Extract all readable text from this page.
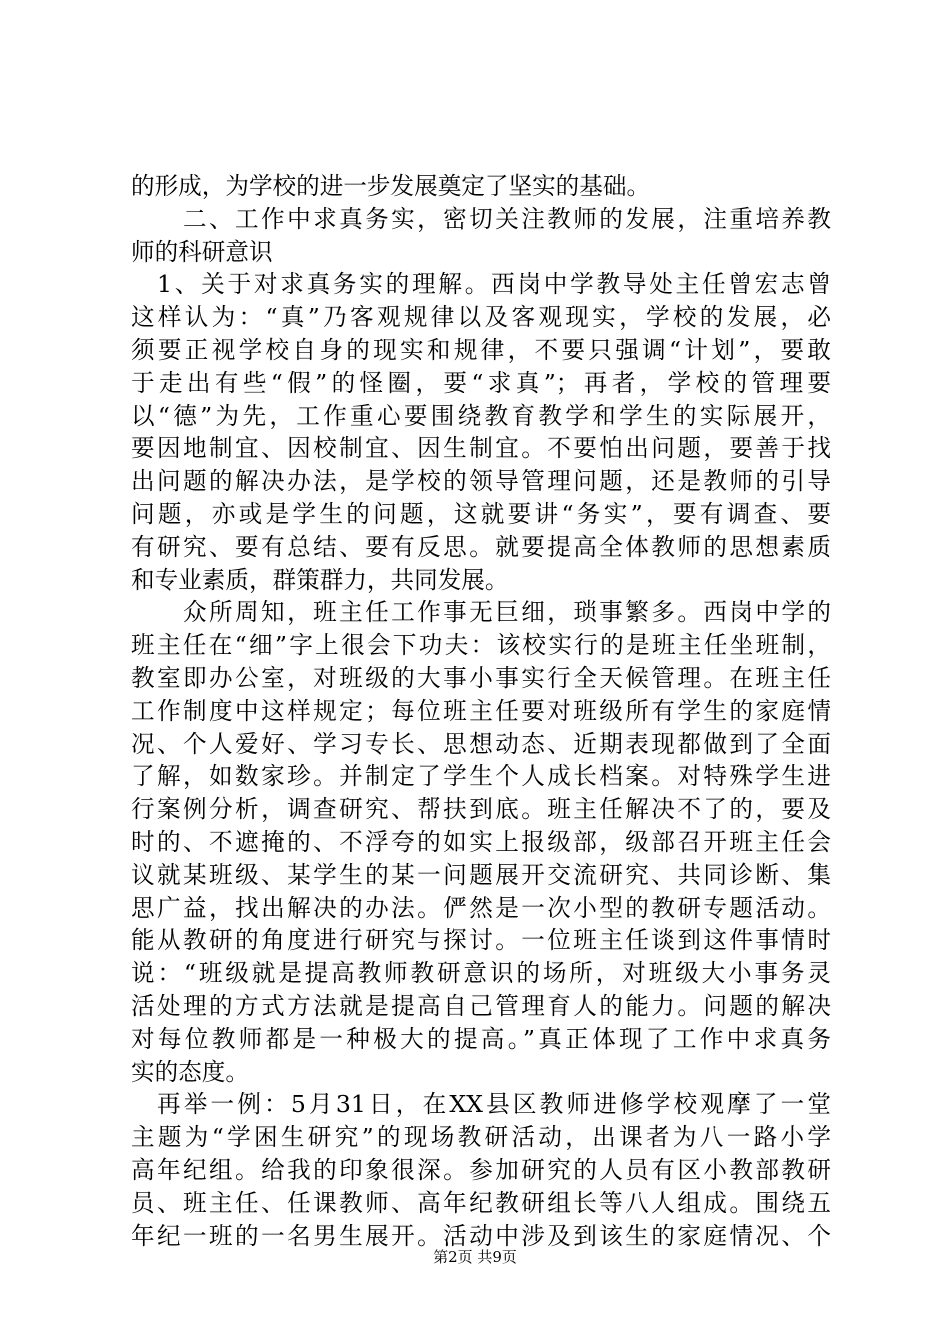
的形成，为学校的进一步发展奠定了坚实的基础。
二、工作中求真务实，密切关注教师的发展，注重培养教
师的科研意识
1、关于对求真务实的理解。西岗中学教导处主任曾宏志曾
这样认为：“真”乃客观规律以及客观现实，学校的发展，必
须要正视学校自身的现实和规律，不要只强调“计划”，要敢
于走出有些“假”的怪圈，要“求真”；再者，学校的管理要
以“德”为先，工作重心要围绕教育教学和学生的实际展开，
要因地制宜、因校制宜、因生制宜。不要怕出问题，要善于找
出问题的解决办法，是学校的领导管理问题，还是教师的引导
问题，亦或是学生的问题，这就要讲“务实”，要有调查、要
有研究、要有总结、要有反思。就要提高全体教师的思想素质
和专业素质，群策群力，共同发展。
众所周知，班主任工作事无巨细，琐事繁多。西岗中学的
班主任在“细”字上很会下功夫：该校实行的是班主任坐班制，
教室即办公室，对班级的大事小事实行全天候管理。在班主任
工作制度中这样规定；每位班主任要对班级所有学生的家庭情
况、个人爱好、学习专长、思想动态、近期表现都做到了全面
了解，如数家珍。并制定了学生个人成长档案。对特殊学生进
行案例分析，调查研究、帮扶到底。班主任解决不了的，要及
时的、不遮掩的、不浮夸的如实上报级部，级部召开班主任会
议就某班级、某学生的某一问题展开交流研究、共同诊断、集
思广益，找出解决的办法。俨然是一次小型的教研专题活动。
能从教研的角度进行研究与探讨。一位班主任谈到这件事情时
说：“班级就是提高教师教研意识的场所，对班级大小事务灵
活处理的方式方法就是提高自己管理育人的能力。问题的解决
对每位教师都是一种极大的提高。”真正体现了工作中求真务
实的态度。
再举一例：5月31日，在XX县区教师进修学校观摩了一堂
主题为“学困生研究”的现场教研活动，出课者为八一路小学
高年纪组。给我的印象很深。参加研究的人员有区小教部教研
员、班主任、任课教师、高年纪教研组长等八人组成。围绕五
年纪一班的一名男生展开。活动中涉及到该生的家庭情况、个
第2页 共9页
